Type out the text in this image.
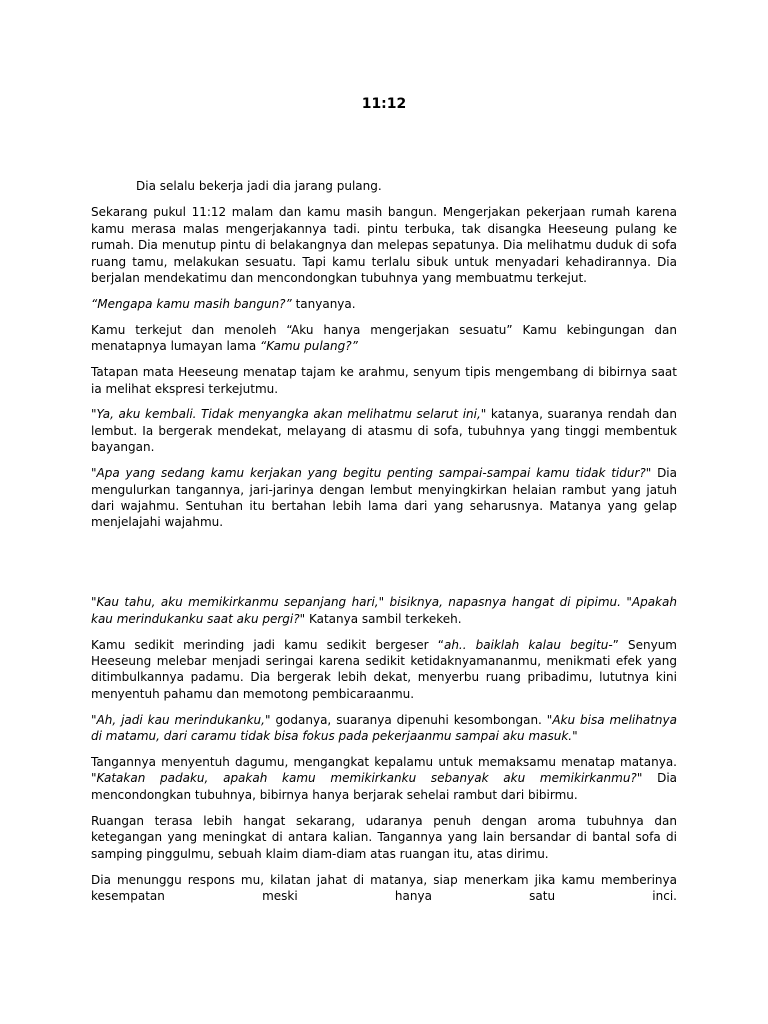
11:12

Dia selalu bekerja jadi dia jarang pulang.

Sekarang pukul 11:12 malam dan kamu masih bangun. Mengerjakan pekerjaan rumah karena kamu merasa malas mengerjakannya tadi. pintu terbuka, tak disangka Heeseung pulang ke rumah. Dia menutup pintu di belakangnya dan melepas sepatunya. Dia melihatmu duduk di sofa ruang tamu, melakukan sesuatu. Tapi kamu terlalu sibuk untuk menyadari kehadirannya. Dia berjalan mendekatimu dan mencondongkan tubuhnya yang membuatmu terkejut.

“Mengapa kamu masih bangun?” tanyanya.

Kamu terkejut dan menoleh “Aku hanya mengerjakan sesuatu” Kamu kebingungan dan menatapnya lumayan lama “Kamu pulang?”

Tatapan mata Heeseung menatap tajam ke arahmu, senyum tipis mengembang di bibirnya saat ia melihat ekspresi terkejutmu.

"Ya, aku kembali. Tidak menyangka akan melihatmu selarut ini," katanya, suaranya rendah dan lembut. Ia bergerak mendekat, melayang di atasmu di sofa, tubuhnya yang tinggi membentuk bayangan.

"Apa yang sedang kamu kerjakan yang begitu penting sampai-sampai kamu tidak tidur?" Dia mengulurkan tangannya, jari-jarinya dengan lembut menyingkirkan helaian rambut yang jatuh dari wajahmu. Sentuhan itu bertahan lebih lama dari yang seharusnya. Matanya yang gelap menjelajahi wajahmu.

"Kau tahu, aku memikirkanmu sepanjang hari," bisiknya, napasnya hangat di pipimu. "Apakah kau merindukanku saat aku pergi?" Katanya sambil terkekeh.

Kamu sedikit merinding jadi kamu sedikit bergeser “ah.. baiklah kalau begitu-” Senyum Heeseung melebar menjadi seringai karena sedikit ketidaknyamananmu, menikmati efek yang ditimbulkannya padamu. Dia bergerak lebih dekat, menyerbu ruang pribadimu, lututnya kini menyentuh pahamu dan memotong pembicaraanmu.

"Ah, jadi kau merindukanku," godanya, suaranya dipenuhi kesombongan. "Aku bisa melihatnya di matamu, dari caramu tidak bisa fokus pada pekerjaanmu sampai aku masuk."

Tangannya menyentuh dagumu, mengangkat kepalamu untuk memaksamu menatap matanya. "Katakan padaku, apakah kamu memikirkanku sebanyak aku memikirkanmu?" Dia mencondongkan tubuhnya, bibirnya hanya berjarak sehelai rambut dari bibirmu.

Ruangan terasa lebih hangat sekarang, udaranya penuh dengan aroma tubuhnya dan ketegangan yang meningkat di antara kalian. Tangannya yang lain bersandar di bantal sofa di samping pinggulmu, sebuah klaim diam-diam atas ruangan itu, atas dirimu.

Dia menunggu respons mu, kilatan jahat di matanya, siap menerkam jika kamu memberinya kesempatan meski hanya satu inci.
